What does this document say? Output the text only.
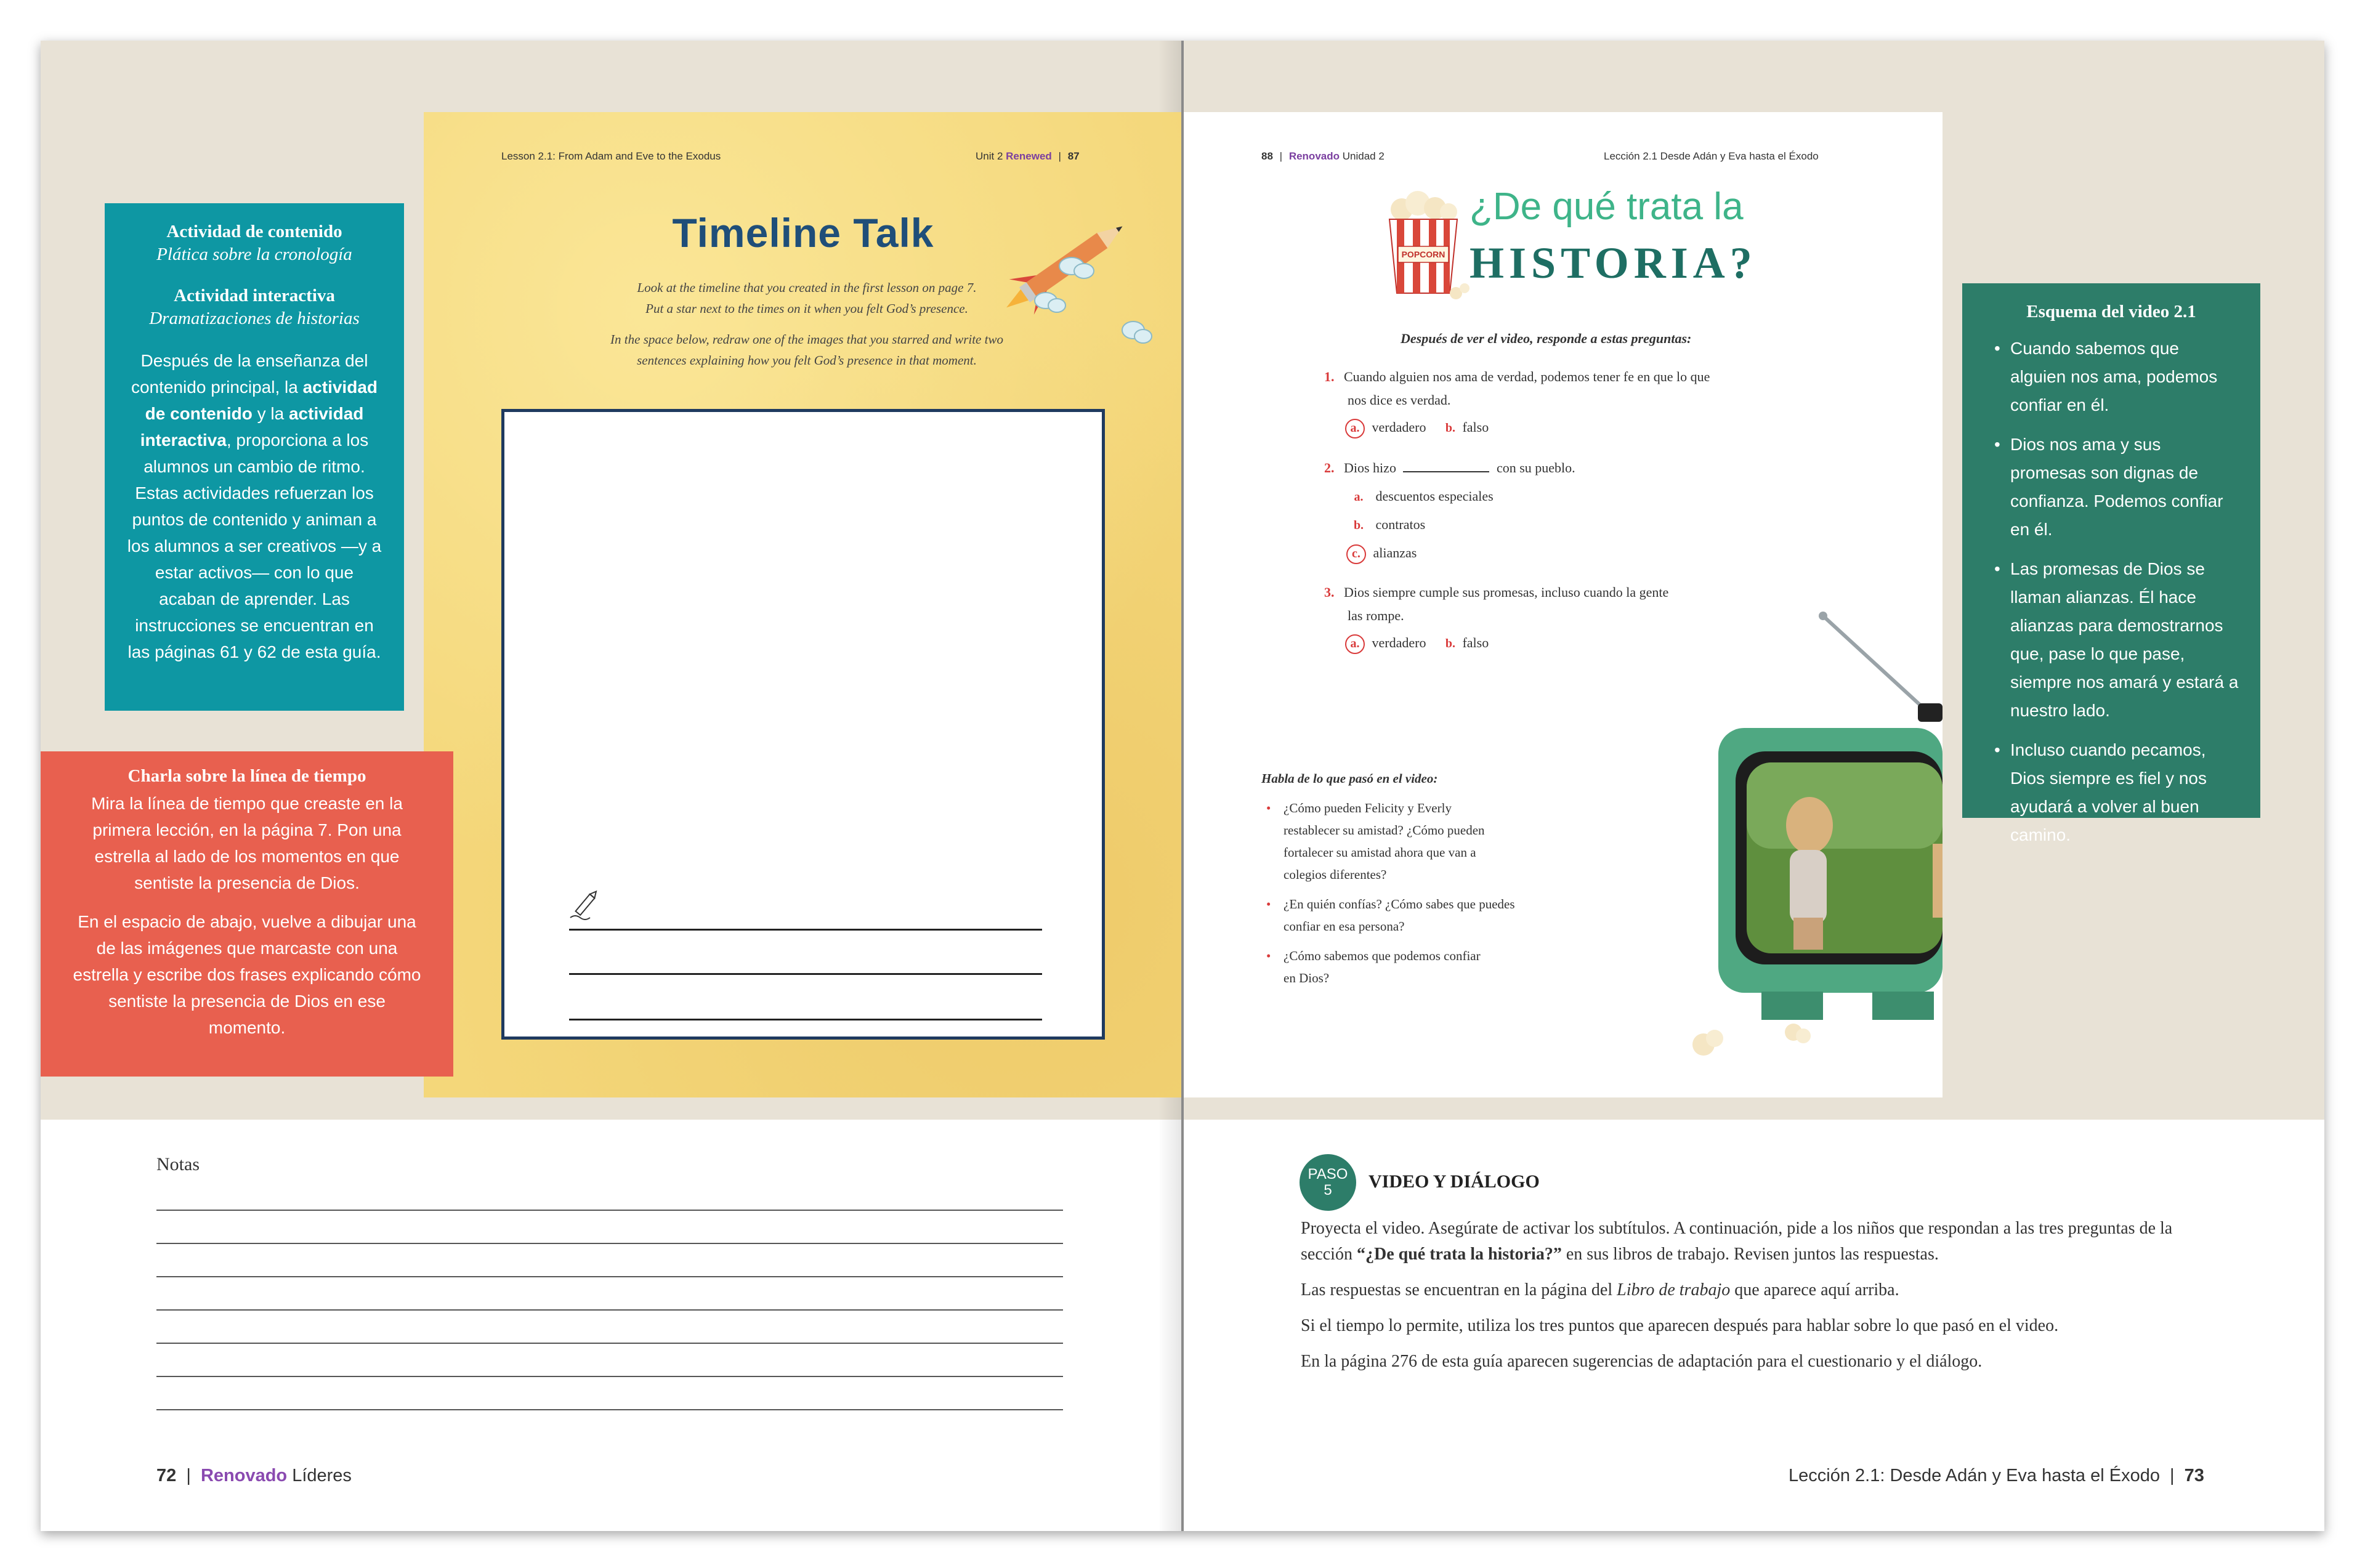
Lesson 2.1: From Adam and Eve to the Exodus	Unit 2 Renewed | 87
Timeline Talk
Look at the timeline that you created in the first lesson on page 7.
Put a star next to the times on it when you felt God’s presence.
In the space below, redraw one of the images that you starred and write two
sentences explaining how you felt God’s presence in that moment.
Actividad de contenido
Plática sobre la cronología
Actividad interactiva
Dramatizaciones de historias
Después de la enseñanza del contenido principal, la actividad de contenido y la actividad interactiva, proporciona a los alumnos un cambio de ritmo. Estas actividades refuerzan los puntos de contenido y animan a los alumnos a ser creativos —y a estar activos— con lo que acaban de aprender. Las instrucciones se encuentran en las páginas 61 y 62 de esta guía.
Charla sobre la línea de tiempo
Mira la línea de tiempo que creaste en la primera lección, en la página 7. Pon una estrella al lado de los momentos en que sentiste la presencia de Dios.
En el espacio de abajo, vuelve a dibujar una de las imágenes que marcaste con una estrella y escribe dos frases explicando cómo sentiste la presencia de Dios en ese momento.
88 | Renovado Unidad 2	Lección 2.1 Desde Adán y Eva hasta el Éxodo
POPCORN
¿De qué trata la
HISTORIA?
Después de ver el video, responde a estas preguntas:
1. Cuando alguien nos ama de verdad, podemos tener fe en que lo que
nos dice es verdad.
a. verdadero b. falso
2. Dios hizo	con su pueblo.
a. descuentos especiales
b. contratos
c. alianzas
3. Dios siempre cumple sus promesas, incluso cuando la gente
las rompe.
a. verdadero b. falso
Habla de lo que pasó en el video:
• ¿Cómo pueden Felicity y Everly
restablecer su amistad? ¿Cómo pueden
fortalecer su amistad ahora que van a
colegios diferentes?
• ¿En quién confías? ¿Cómo sabes que puedes
confiar en esa persona?
• ¿Cómo sabemos que podemos confiar
en Dios?
Esquema del video 2.1
• Cuando sabemos que alguien nos ama, podemos confiar en él.
• Dios nos ama y sus promesas son dignas de confianza. Podemos confiar en él.
• Las promesas de Dios se llaman alianzas. Él hace alianzas para demostrarnos que, pase lo que pase, siempre nos amará y estará a nuestro lado.
• Incluso cuando pecamos, Dios siempre es fiel y nos ayudará a volver al buen camino.
Notas	PASO
5	VIDEO Y DIÁLOGO
Proyecta el video. Asegúrate de activar los subtítulos. A continuación, pide a los niños que respondan a las tres preguntas de la sección “¿De qué trata la historia?” en sus libros de trabajo. Revisen juntos las respuestas.
Las respuestas se encuentran en la página del Libro de trabajo que aparece aquí arriba.
Si el tiempo lo permite, utiliza los tres puntos que aparecen después para hablar sobre lo que pasó en el video.
En la página 276 de esta guía aparecen sugerencias de adaptación para el cuestionario y el diálogo.
72 | Renovado Líderes	Lección 2.1: Desde Adán y Eva hasta el Éxodo | 73
